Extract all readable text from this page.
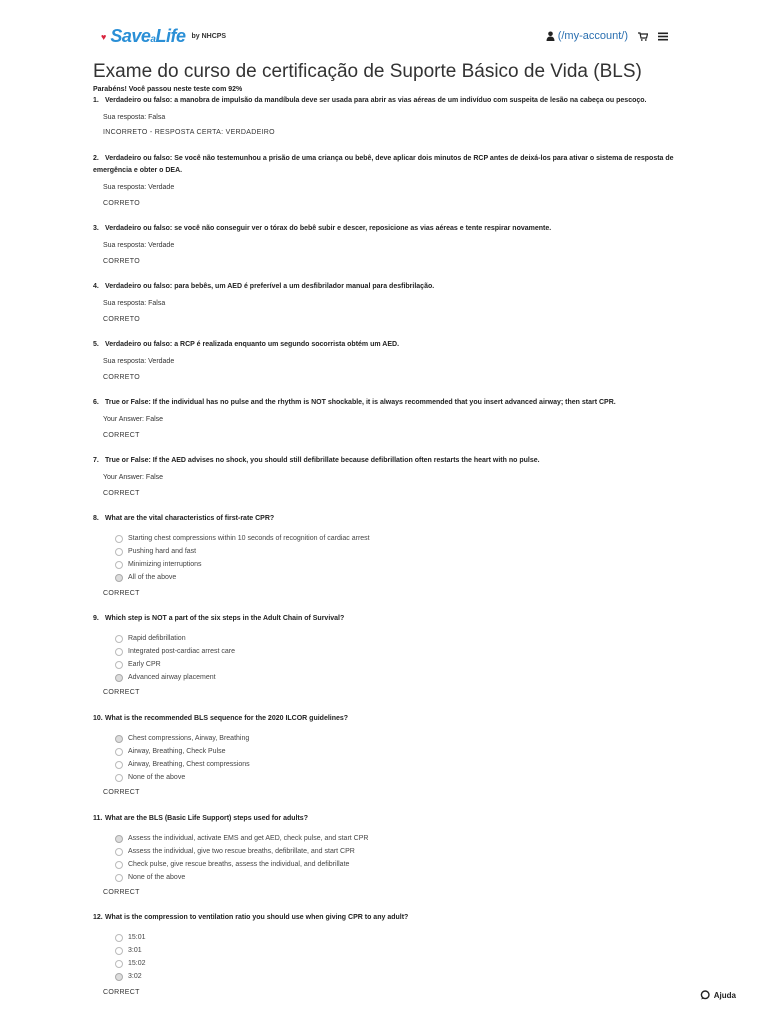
♥ SaveaLife by NHCPS	(/my-account/)
Exame do curso de certificação de Suporte Básico de Vida (BLS)
Parabéns! Você passou neste teste com 92%
1. Verdadeiro ou falso: a manobra de impulsão da mandíbula deve ser usada para abrir as vias aéreas de um indivíduo com suspeita de lesão na cabeça ou pescoço.
Sua resposta: Falsa
INCORRETO - RESPOSTA CERTA: VERDADEIRO
2. Verdadeiro ou falso: Se você não testemunhou a prisão de uma criança ou bebê, deve aplicar dois minutos de RCP antes de deixá-los para ativar o sistema de resposta de emergência e obter o DEA.
Sua resposta: Verdade
CORRETO
3. Verdadeiro ou falso: se você não conseguir ver o tórax do bebê subir e descer, reposicione as vias aéreas e tente respirar novamente.
Sua resposta: Verdade
CORRETO
4. Verdadeiro ou falso: para bebês, um AED é preferível a um desfibrilador manual para desfibrilação.
Sua resposta: Falsa
CORRETO
5. Verdadeiro ou falso: a RCP é realizada enquanto um segundo socorrista obtém um AED.
Sua resposta: Verdade
CORRETO
6. True or False: If the individual has no pulse and the rhythm is NOT shockable, it is always recommended that you insert advanced airway; then start CPR.
Your Answer: False
CORRECT
7. True or False: If the AED advises no shock, you should still defibrillate because defibrillation often restarts the heart with no pulse.
Your Answer: False
CORRECT
8. What are the vital characteristics of first-rate CPR?
Starting chest compressions within 10 seconds of recognition of cardiac arrest
Pushing hard and fast
Minimizing interruptions
All of the above
CORRECT
9. Which step is NOT a part of the six steps in the Adult Chain of Survival?
Rapid defibrillation
Integrated post-cardiac arrest care
Early CPR
Advanced airway placement
CORRECT
10. What is the recommended BLS sequence for the 2020 ILCOR guidelines?
Chest compressions, Airway, Breathing
Airway, Breathing, Check Pulse
Airway, Breathing, Chest compressions
None of the above
CORRECT
11. What are the BLS (Basic Life Support) steps used for adults?
Assess the individual, activate EMS and get AED, check pulse, and start CPR
Assess the individual, give two rescue breaths, defibrillate, and start CPR
Check pulse, give rescue breaths, assess the individual, and defibrillate
None of the above
CORRECT
12. What is the compression to ventilation ratio you should use when giving CPR to any adult?
15:01
3:01
15:02
3:02
CORRECT	Ajuda
